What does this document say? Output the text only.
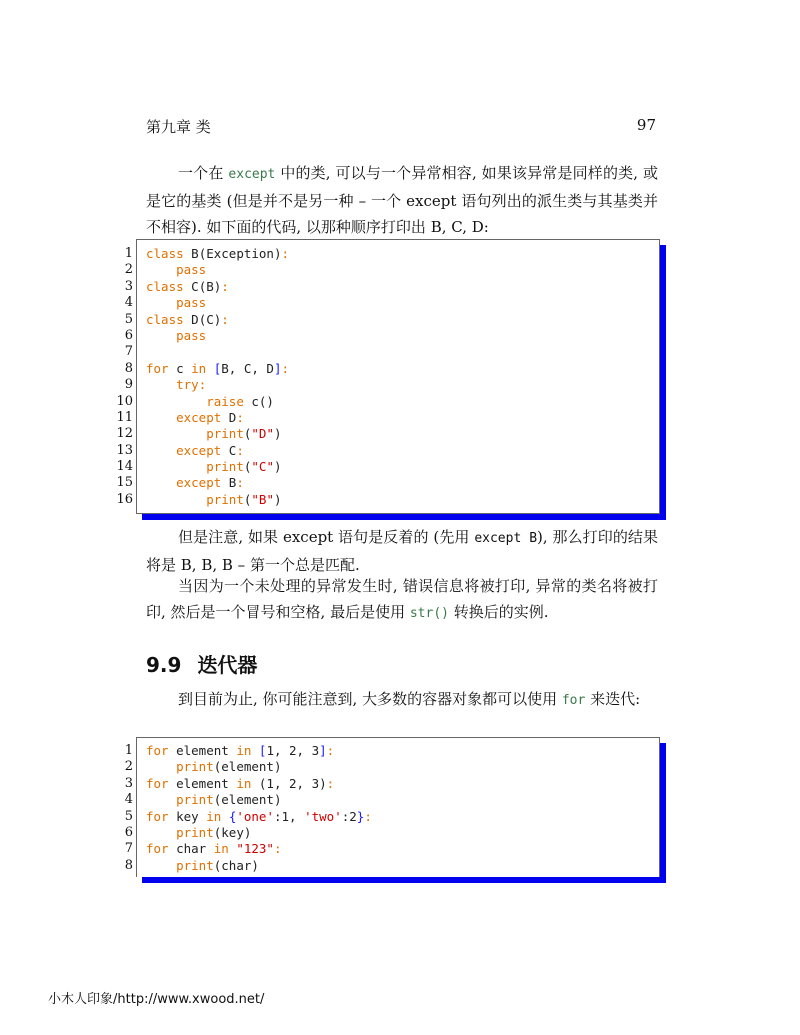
第九章 类	97
一个在 except 中的类, 可以与一个异常相容, 如果该异常是同样的类, 或是它的基类 (但是并不是另一种 – 一个 except 语句列出的派生类与其基类并不相容). 如下面的代码, 以那种顺序打印出 B, C, D:
1 class B(Exception):
2	pass
3 class C(B):
4	pass
5 class D(C):
6	pass
7
8 for c in [B, C, D]:
9	try:
10	raise c()
11	except D:
12	print("D")
13	except C:
14	print("C")
15	except B:
16	print("B")
但是注意, 如果 except 语句是反着的 (先用 except B), 那么打印的结果将是 B, B, B – 第一个总是匹配.
当因为一个未处理的异常发生时, 错误信息将被打印, 异常的类名将被打印, 然后是一个冒号和空格, 最后是使用 str() 转换后的实例.
9.9 迭代器
到目前为止, 你可能注意到, 大多数的容器对象都可以使用 for 来迭代:
1 for element in [1, 2, 3]:
2	print(element)
3 for element in (1, 2, 3):
4	print(element)
5 for key in {'one':1, 'two':2}:
6	print(key)
7 for char in "123":
8	print(char)
小木人印象/http://www.xwood.net/
